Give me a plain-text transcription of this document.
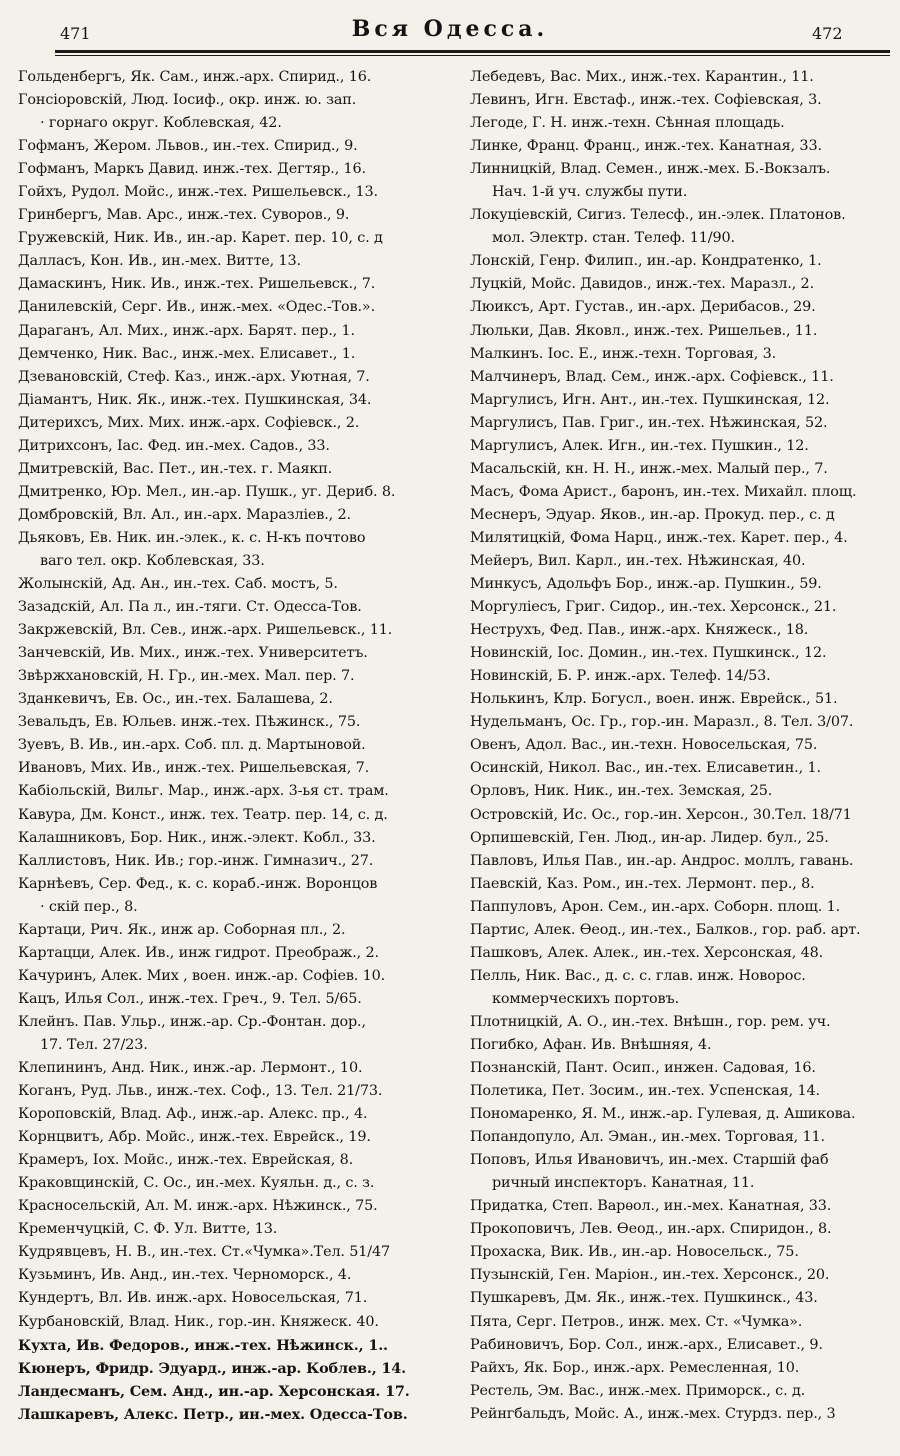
471	Вся Одесса.	472
Гольденбергъ, Як. Сам., инж.-арх. Спирид., 16.
Гонсiоровскiй, Люд. Iосиф., окр. инж. ю. зап.
· горнаго округ. Коблевская, 42.
Гофманъ, Жером. Львов., ин.-тех. Спирид., 9.
Гофманъ, Маркъ Давид. инж.-тех. Дегтяр., 16.
Гойхъ, Рудол. Мойс., инж.-тех. Ришельевск., 13.
Гринбергъ, Мав. Арс., инж.-тех. Суворов., 9.
Гружевскiй, Ник. Ив., ин.-ар. Карет. пер. 10, с. д
Далласъ, Кон. Ив., ин.-мех. Витте, 13.
Дамаскинъ, Ник. Ив., инж.-тех. Ришельевск., 7.
Данилевскiй, Серг. Ив., инж.-мех. «Одес.-Тов.».
Дараганъ, Ал. Мих., инж.-арх. Барят. пер., 1.
Демченко, Ник. Вас., инж.-мех. Елисавет., 1.
Дзевановскiй, Стеф. Каз., инж.-арх. Уютная, 7.
Дiамантъ, Ник. Як., инж.-тех. Пушкинская, 34.
Дитерихсъ, Мих. Мих. инж.-арх. Софiевск., 2.
Дитрихсонъ, Iас. Фед. ин.-мех. Садов., 33.
Дмитревскiй, Вас. Пет., ин.-тех. г. Маякп.
Дмитренко, Юр. Мел., ин.-ар. Пушк., уг. Дериб. 8.
Домбровскiй, Вл. Ал., ин.-арх. Маразлiев., 2.
Дьяковъ, Ев. Ник. ин.-элек., к. с. Н-къ почтово
ваго тел. окр. Коблевская, 33.
Жолынскiй, Ад. Ан., ин.-тех. Саб. мостъ, 5.
Зазадскiй, Ал. Па л., ин.-тяги. Ст. Одесса-Тов.
Закржевскiй, Вл. Сев., инж.-арх. Ришельевск., 11.
Занчевскiй, Ив. Мих., инж.-тех. Университетъ.
Звѣржхановскiй, Н. Гр., ин.-мех. Мал. пер. 7.
Зданкевичъ, Ев. Ос., ин.-тех. Балашева, 2.
Зевальдъ, Ев. Юльев. инж.-тех. Пѣжинск., 75.
Зуевъ, В. Ив., ин.-арх. Соб. пл. д. Мартыновой.
Ивановъ, Мих. Ив., инж.-тех. Ришельевская, 7.
Кабiольскiй, Вильг. Мар., инж.-арх. 3-ья ст. трам.
Кавура, Дм. Конст., инж. тех. Театр. пер. 14, с. д.
Калашниковъ, Бор. Ник., инж.-элект. Кобл., 33.
Каллистовъ, Ник. Ив.; гор.-инж. Гимназич., 27.
Карнѣевъ, Сер. Фед., к. с. кораб.-инж. Воронцов
· скiй пер., 8.
Картаци, Рич. Як., инж ар. Соборная пл., 2.
Картацци, Алек. Ив., инж гидрот. Преображ., 2.
Качуринъ, Алек. Мих , воен. инж.-ар. Софiев. 10.
Кацъ, Илья Сол., инж.-тех. Греч., 9. Тел. 5/65.
Клейнъ. Пав. Ульр., инж.-ар. Ср.-Фонтан. дор.,
17. Тел. 27/23.
Клепининъ, Анд. Ник., инж.-ар. Лермонт., 10.
Коганъ, Руд. Льв., инж.-тех. Соф., 13. Тел. 21/73.
Короповскiй, Влад. Аф., инж.-ар. Алекс. пр., 4.
Корнцвитъ, Абр. Мойс., инж.-тех. Еврейск., 19.
Крамеръ, Iох. Мойс., инж.-тех. Еврейская, 8.
Краковщинскiй, С. Ос., ин.-мех. Куяльн. д., с. з.
Красносельскiй, Ал. М. инж.-арх. Нѣжинск., 75.
Кременчуцкiй, С. Ф. Ул. Витте, 13.
Кудрявцевъ, Н. В., ин.-тех. Ст.«Чумка».Тел. 51/47
Кузьминъ, Ив. Анд., ин.-тех. Черноморск., 4.
Кундертъ, Вл. Ив. инж.-арх. Новосельская, 71.
Курбановскiй, Влад. Ник., гор.-ин. Княжеск. 40.
Кухта, Ив. Федоров., инж.-тех. Нѣжинск., 1..
Кюнеръ, Фридр. Эдуард., инж.-ар. Коблев., 14.
Ландесманъ, Сем. Анд., ин.-ар. Херсонская. 17.
Лашкаревъ, Алекс. Петр., ин.-мех. Одесса-Тов.
Лебедевъ, Вас. Мих., инж.-тех. Карантин., 11.
Левинъ, Игн. Евстаф., инж.-тех. Софiевская, 3.
Легоде, Г. Н. инж.-техн. Сѣнная площадь.
Линке, Франц. Франц., инж.-тех. Канатная, 33.
Линницкiй, Влад. Семен., инж.-мех. Б.-Вокзалъ.
Нач. 1-й уч. службы пути.
Локуцiевскiй, Сигиз. Телесф., ин.-элек. Платонов.
мол. Электр. стан. Телеф. 11/90.
Лонскiй, Генр. Филип., ин.-ар. Кондратенко, 1.
Луцкiй, Мойс. Давидов., инж.-тех. Маразл., 2.
Люиксъ, Арт. Густав., ин.-арх. Дерибасов., 29.
Люльки, Дав. Яковл., инж.-тех. Ришельев., 11.
Малкинъ. Iос. Е., инж.-техн. Торговая, 3.
Малчинеръ, Влад. Сем., инж.-арх. Софiевск., 11.
Маргулисъ, Игн. Ант., ин.-тех. Пушкинская, 12.
Маргулисъ, Пав. Григ., ин.-тех. Нѣжинская, 52.
Маргулисъ, Алек. Игн., ин.-тех. Пушкин., 12.
Масальскiй, кн. Н. Н., инж.-мех. Малый пер., 7.
Масъ, Фома Арист., баронъ, ин.-тех. Михайл. площ.
Меснеръ, Эдуар. Яков., ин.-ар. Прокуд. пер., с. д
Милятицкiй, Фома Нарц., инж.-тех. Карет. пер., 4.
Мейеръ, Вил. Карл., ин.-тех. Нѣжинская, 40.
Минкусъ, Адольфъ Бор., инж.-ар. Пушкин., 59.
Моргулiесъ, Григ. Сидор., ин.-тех. Херсонск., 21.
Неструхъ, Фед. Пав., инж.-арх. Княжеск., 18.
Новинскiй, Iос. Домин., ин.-тех. Пушкинск., 12.
Новинскiй, Б. Р. инж.-арх. Телеф. 14/53.
Нолькинъ, Клр. Богусл., воен. инж. Еврейск., 51.
Нудельманъ, Ос. Гр., гор.-ин. Маразл., 8. Тел. 3/07.
Овенъ, Адол. Вас., ин.-техн. Новосельская, 75.
Осинскiй, Никол. Вас., ин.-тех. Елисаветин., 1.
Орловъ, Ник. Ник., ин.-тех. Земская, 25.
Островскiй, Ис. Ос., гор.-ин. Херсон., 30.Тел. 18/71
Орпишевскiй, Ген. Люд., ин-ар. Лидер. бул., 25.
Павловъ, Илья Пав., ин.-ар. Андрос. моллъ, гавань.
Паевскiй, Каз. Ром., ин.-тех. Лермонт. пер., 8.
Паппуловъ, Арон. Сем., ин.-арх. Соборн. площ. 1.
Партис, Алек. Өеод., ин.-тех., Балков., гор. раб. арт.
Пашковъ, Алек. Алек., ин.-тех. Херсонская, 48.
Пелль, Ник. Вас., д. с. с. глав. инж. Новорос.
коммерческихъ портовъ.
Плотницкiй, А. О., ин.-тех. Внѣшн., гор. рем. уч.
Погибко, Афан. Ив. Внѣшняя, 4.
Познанскiй, Пант. Осип., инжен. Садовая, 16.
Полетика, Пет. Зосим., ин.-тех. Успенская, 14.
Пономаренко, Я. М., инж.-ар. Гулевая, д. Ашикова.
Попандопуло, Ал. Эман., ин.-мех. Торговая, 11.
Поповъ, Илья Ивановичъ, ин.-мех. Старшiй фаб
ричный инспекторъ. Канатная, 11.
Придатка, Степ. Варѳол., ин.-мех. Канатная, 33.
Прокоповичъ, Лев. Өеод., ин.-арх. Спиридон., 8.
Прохаска, Вик. Ив., ин.-ар. Новосельск., 75.
Пузынскiй, Ген. Марiон., ин.-тех. Херсонск., 20.
Пушкаревъ, Дм. Як., инж.-тех. Пушкинск., 43.
Пята, Серг. Петров., инж. мех. Ст. «Чумка».
Рабиновичъ, Бор. Сол., инж.-арх., Елисавет., 9.
Райхъ, Як. Бор., инж.-арх. Ремесленная, 10.
Рестель, Эм. Вас., инж.-мех. Приморск., с. д.
Рейнгбальдъ, Мойс. А., инж.-мех. Стурдз. пер., 3
